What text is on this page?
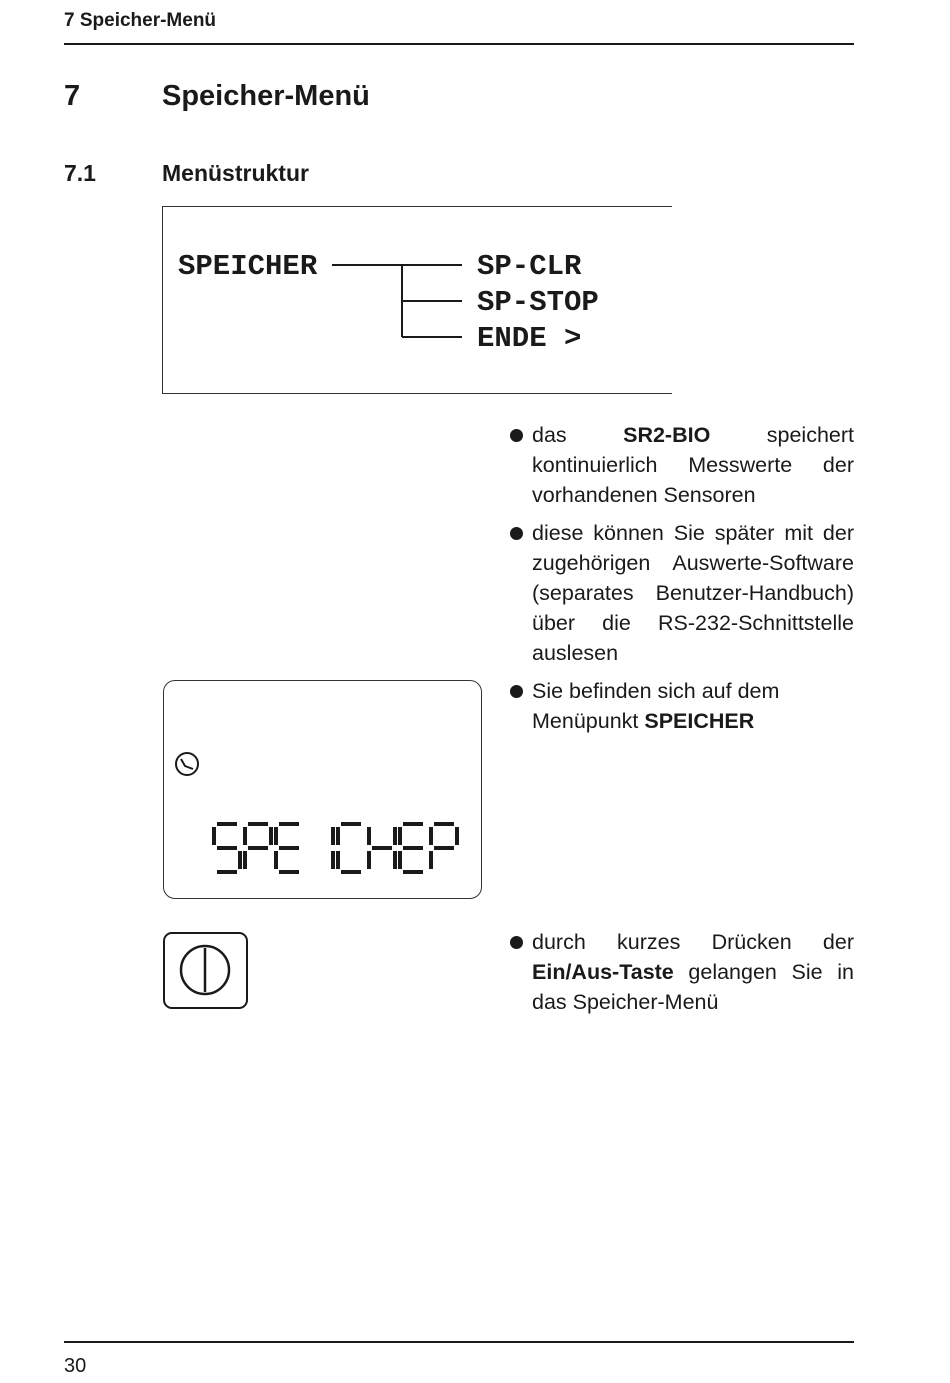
7 Speicher-Menü
7	Speicher-Menü
7.1	Menüstruktur
SPEICHER	SP-CLR
SP-STOP
ENDE >
das SR2-BIO speichert kontinuierlich Messwerte der vorhandenen Sensoren
diese können Sie später mit der zugehörigen Auswerte-Software (separates Benutzer-Handbuch) über die RS-232-Schnittstelle auslesen
Sie befinden sich auf dem Menüpunkt SPEICHER
durch kurzes Drücken der Ein/Aus-Taste gelangen Sie in das Speicher-Menü
30
